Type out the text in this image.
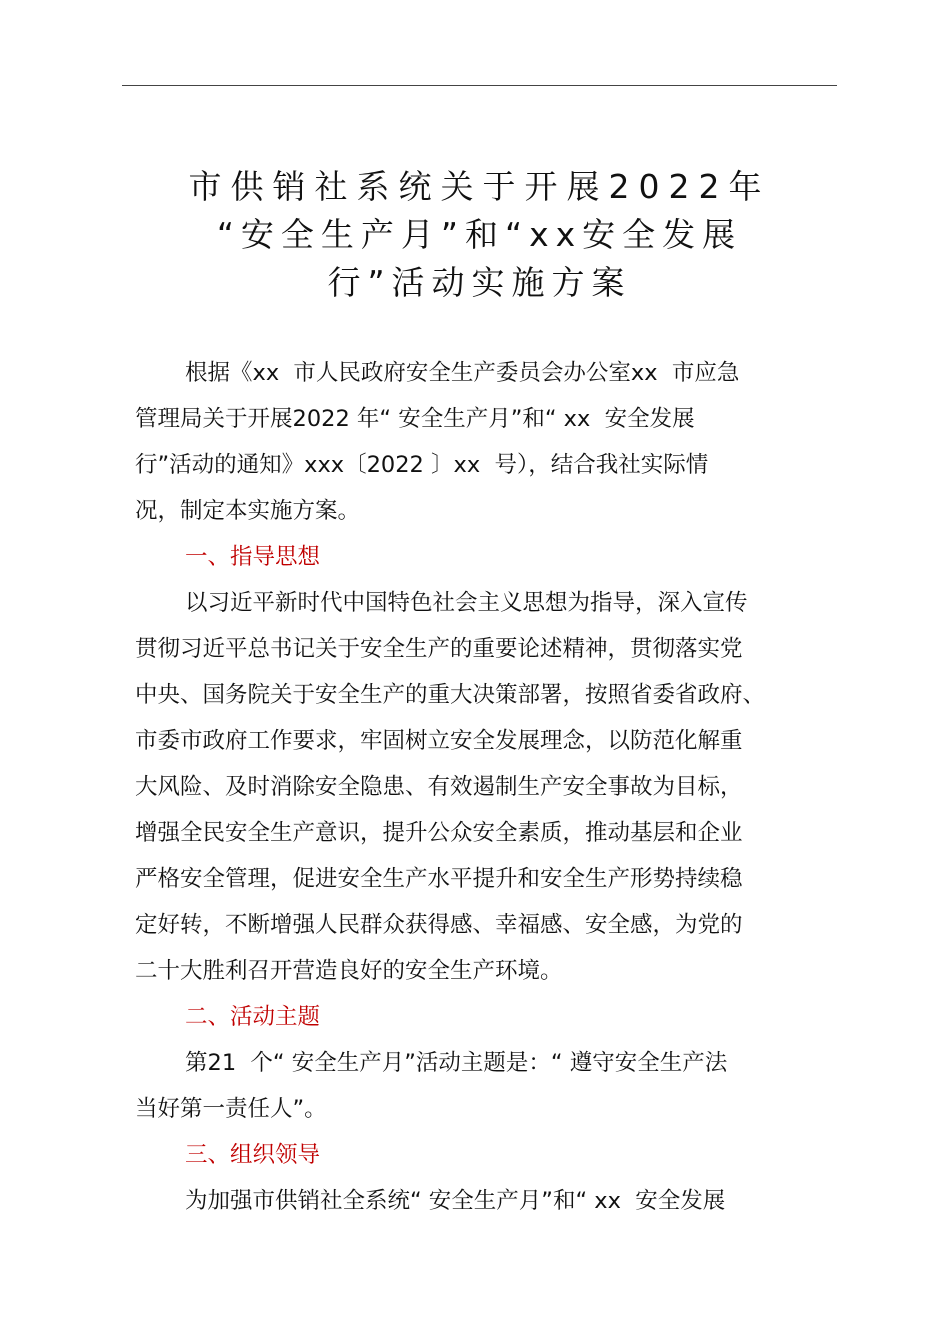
市供销社系统关于开展2022年
“安全生产月”和“xx安全发展
行”活动实施方案
根据《xx  市人民政府安全生产委员会办公室xx  市应急
管理局关于开展2022 年“ 安全生产月”和“ xx  安全发展
行”活动的通知》xxx〔2022 〕xx  号），结合我社实际情
况，制定本实施方案。
一、指导思想
以习近平新时代中国特色社会主义思想为指导，深入宣传
贯彻习近平总书记关于安全生产的重要论述精神，贯彻落实党
中央、国务院关于安全生产的重大决策部署，按照省委省政府、
市委市政府工作要求，牢固树立安全发展理念，以防范化解重
大风险、及时消除安全隐患、有效遏制生产安全事故为目标，
增强全民安全生产意识，提升公众安全素质，推动基层和企业
严格安全管理，促进安全生产水平提升和安全生产形势持续稳
定好转，不断增强人民群众获得感、幸福感、安全感，为党的
二十大胜利召开营造良好的安全生产环境。
二、活动主题
第21  个“ 安全生产月”活动主题是：“ 遵守安全生产法
当好第一责任人”。
三、组织领导
为加强市供销社全系统“ 安全生产月”和“ xx  安全发展
